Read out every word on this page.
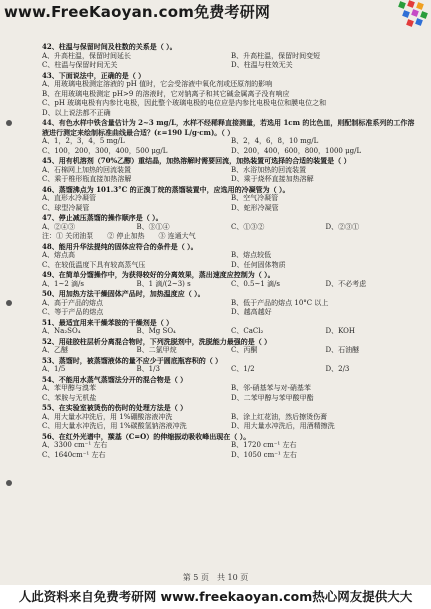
www.FreeKaoyan.com免费考研网
42、柱温与保留时间及柱数的关系是（ ）。
A、升高柱温，保留时间延长	B、升高柱温，保留时间变短
C、柱温与保留时间无关	D、柱温与柱效无关
43、下面说法中，正确的是（ ）
A、用玻璃电极测定溶液的 pH 值时，它会受溶液中氧化剂或还原剂的影响
B、在用玻璃电极测定 pH>9 的溶液时，它对钠离子和其它碱金属离子没有响应
C、pH 玻璃电极有内参比电极，因此整个玻璃电极的电位应是内参比电极电位和膜电位之和
D、以上说法都不正确
44、有色水样中铁含量估计为 2~3 mg/L，水样不经稀释直接测量，若选用 1cm 的比色皿，则配制标准系列的工作溶液进行测定来绘制标准曲线最合适？(ε=190 L/g·cm)。（ ）
A、1，2，3，4，5 mg/L	B、2，4，6，8，10 mg/L
C、100，200，300，400，500 μg/L	D、200，400，600，800，1000 μg/L
45、用有机溶剂（70%乙醇）重结晶，加热溶解时需要回流，加热装置可选择的合适的装置是（ ）
A、石棉网上加热的回流装置	B、水浴加热的回流装置
C、乘于椎形瓶直接加热溶解	D、乘于烧杯直接加热溶解
46、蒸馏沸点为 101.3°C 的正溴丁烷的蒸馏装置中，应选用的冷凝管为（ ）。
A、直形水冷凝管	B、空气冷凝管
C、球型冷凝管	D、蛇形冷凝管
47、停止减压蒸馏的操作顺序是（ ）。
A、②④③	B、③①④	C、①③②	D、②③①
注：① 关闭油泵　　② 停止加热　　③ 连通大气
48、能用升华法提纯的固体应符合的条件是（ ）。
A、熔点高	B、熔点较低
C、在较低温度下具有较高蒸气压	D、任何固体物质
49、在简单分馏操作中，为获得较好的分离效果，蒸出速度应控制为（ ）。
A、1~2 滴/s	B、1 滴/(2~3) s	C、0.5~1 滴/s	D、不必考虑
50、用加热方法干燥固体产品时，加热温度应（ ）。
A、高于产品的熔点	B、低于产品的熔点 10°C 以上
C、等于产品的熔点	D、越高越好
51、最适宜用来干燥苯胺的干燥剂是（ ）
A、Na₂SO₄	B、Mg SO₄	C、CaCl₂	D、KOH
52、用硅胶柱层析分离混合物时，下列洗脱剂中，洗脱能力最强的是（ ）
A、乙醚	B、二氯甲烷	C、丙酮	D、石油醚
53、蒸馏时，被蒸馏液体的量不应少于圆底瓶容积的（ ）
A、1/5	B、1/3	C、1/2	D、2/3
54、不能用水蒸气蒸馏法分开的混合物是（ ）
A、苯甲醇与溴苯	B、邻-硝基苯与对-硝基苯
C、苯胺与无机盐	D、二苯甲醇与苯甲酸甲酯
55、在实验室被烫伤的伤时的处理方法是（ ）
A、用大量水冲洗后，用 1%硼酸溶液冲洗	B、涂上红花油，然后擦烫伤膏
C、用大量水冲洗后，用 1%碳酸氢钠溶液冲洗	D、用大量水冲洗后，用酒精擦洗
56、在红外光谱中，羰基（C=O）的伸缩振动吸收峰出现在（ ）。
A、3300 cm⁻¹ 左右	B、1720 cm⁻¹ 左右
C、1640cm⁻¹ 左右	D、1050 cm⁻¹ 左右
第 5 页　共 10 页
人此资料来自免费考研网 www.freekaoyan.com热心网友提供大大
